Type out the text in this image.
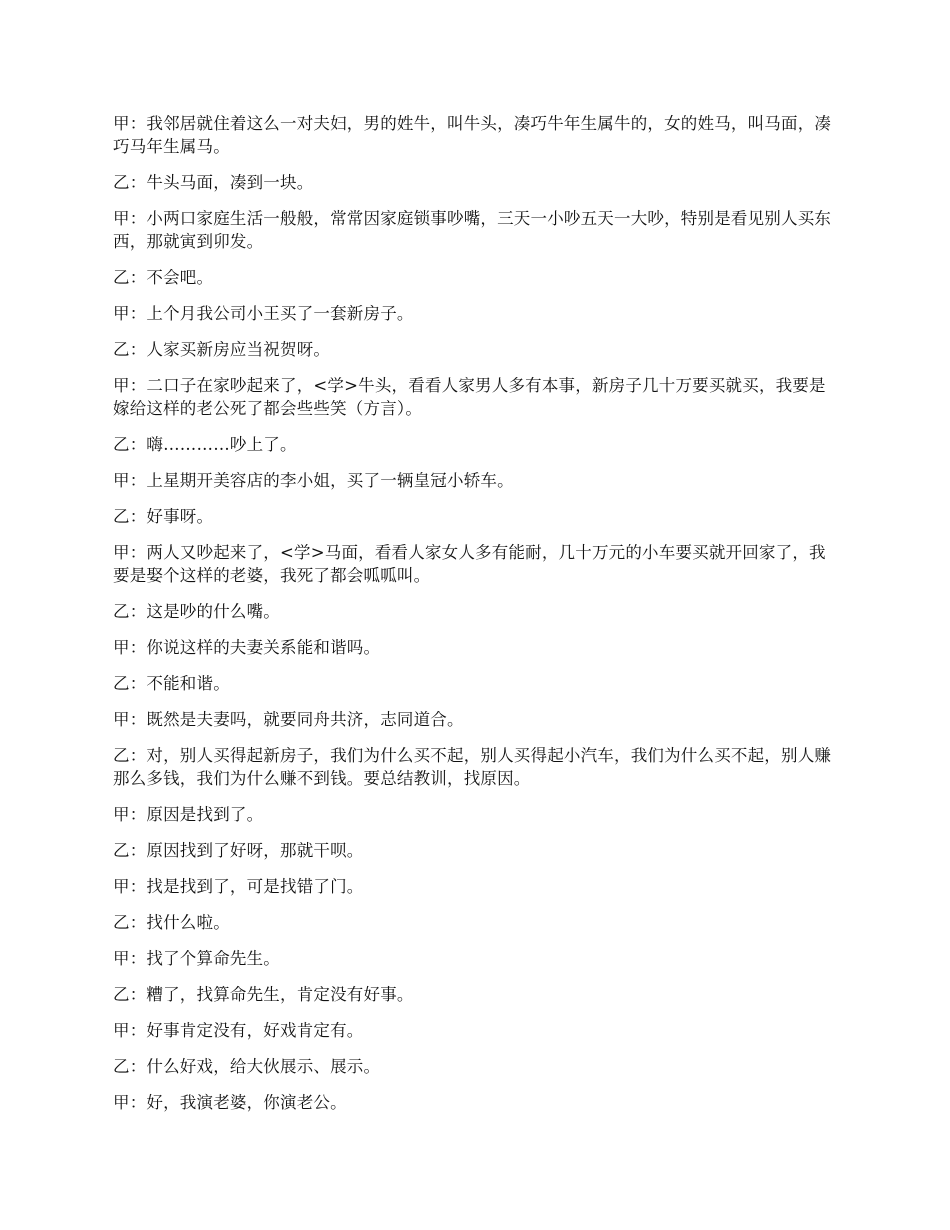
甲：我邻居就住着这么一对夫妇，男的姓牛，叫牛头，凑巧牛年生属牛的，女的姓马，叫马面，凑巧马年生属马。

乙：牛头马面，凑到一块。

甲：小两口家庭生活一般般，常常因家庭锁事吵嘴，三天一小吵五天一大吵，特别是看见别人买东西，那就寅到卯发。

乙：不会吧。

甲：上个月我公司小王买了一套新房子。

乙：人家买新房应当祝贺呀。

甲：二口子在家吵起来了，<学>牛头，看看人家男人多有本事，新房子几十万要买就买，我要是嫁给这样的老公死了都会些些笑（方言）。

乙：嗨…………吵上了。

甲：上星期开美容店的李小姐，买了一辆皇冠小轿车。

乙：好事呀。

甲：两人又吵起来了，<学>马面，看看人家女人多有能耐，几十万元的小车要买就开回家了，我要是娶个这样的老婆，我死了都会呱呱叫。

乙：这是吵的什么嘴。

甲：你说这样的夫妻关系能和谐吗。

乙：不能和谐。

甲：既然是夫妻吗，就要同舟共济，志同道合。

乙：对，别人买得起新房子，我们为什么买不起，别人买得起小汽车，我们为什么买不起，别人赚那么多钱，我们为什么赚不到钱。要总结教训，找原因。

甲：原因是找到了。

乙：原因找到了好呀，那就干呗。

甲：找是找到了，可是找错了门。

乙：找什么啦。

甲：找了个算命先生。

乙：糟了，找算命先生，肯定没有好事。

甲：好事肯定没有，好戏肯定有。

乙：什么好戏，给大伙展示、展示。

甲：好，我演老婆，你演老公。
